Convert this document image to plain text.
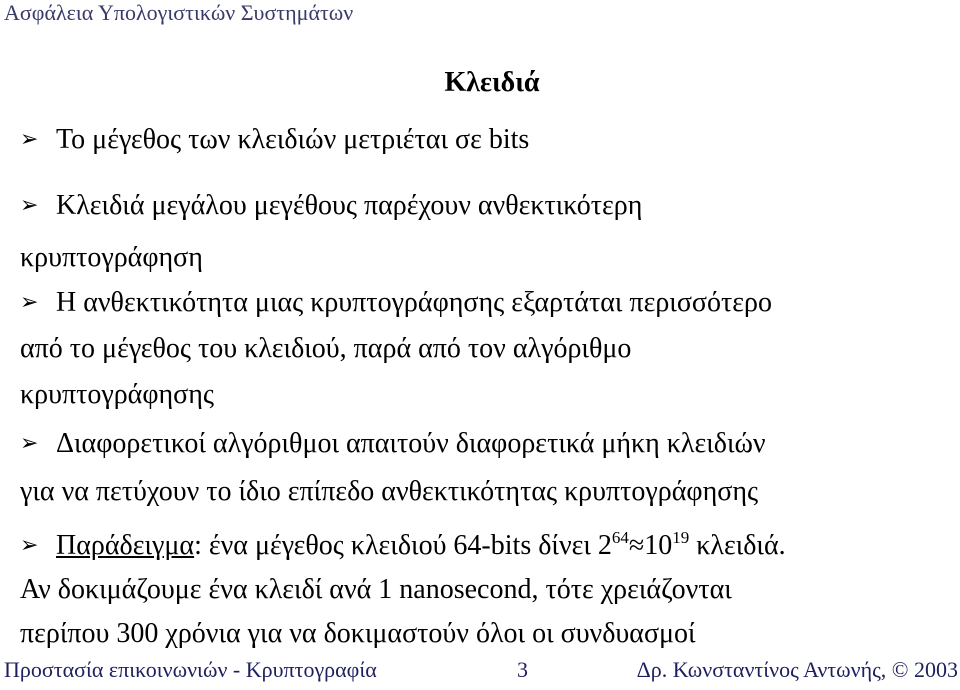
Ασφάλεια Υπολογιστικών Συστημάτων
Κλειδιά
➢ Το μέγεθος των κλειδιών μετριέται σε bits
➢ Κλειδιά μεγάλου μεγέθους παρέχουν ανθεκτικότερη
κρυπτογράφηση
➢ Η ανθεκτικότητα μιας κρυπτογράφησης εξαρτάται περισσότερο
από το μέγεθος του κλειδιού, παρά από τον αλγόριθμο
κρυπτογράφησης
➢ Διαφορετικοί αλγόριθμοι απαιτούν διαφορετικά μήκη κλειδιών
για να πετύχουν το ίδιο επίπεδο ανθεκτικότητας κρυπτογράφησης
➢ Παράδειγμα: ένα μέγεθος κλειδιού 64-bits δίνει $2^{64}\approx 10^{19}$ κλειδιά.
Αν δοκιμάζουμε ένα κλειδί ανά 1 nanosecond, τότε χρειάζονται
περίπου 300 χρόνια για να δοκιμαστούν όλοι οι συνδυασμοί
Προστασία επικοινωνιών - Κρυπτογραφία	3	Δρ. Κωνσταντίνος Αντωνής, © 2003
